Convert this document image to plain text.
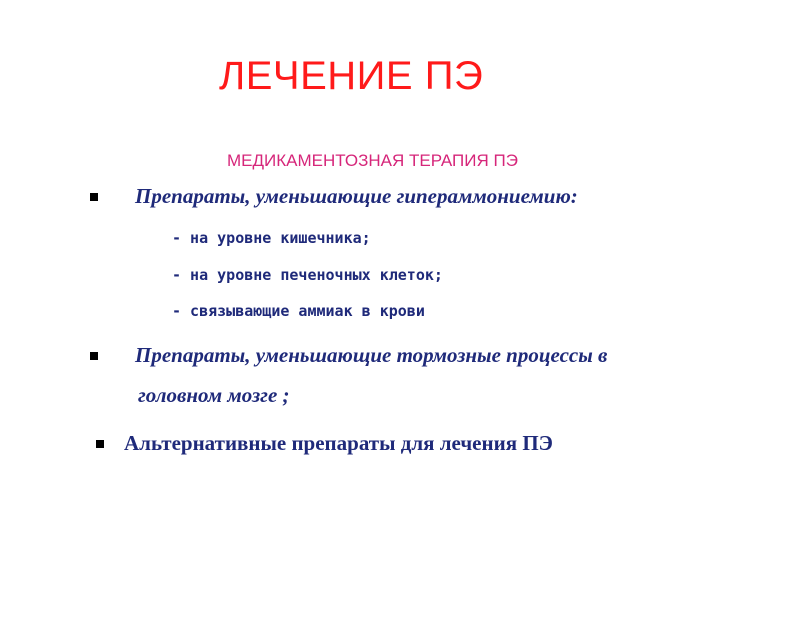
ЛЕЧЕНИЕ ПЭ
МЕДИКАМЕНТОЗНАЯ ТЕРАПИЯ ПЭ
Препараты, уменьшающие гипераммониемию:
- на уровне кишечника;
- на уровне печеночных клеток;
- связывающие аммиак в крови
Препараты, уменьшающие тормозные процессы в
головном мозге ;
Альтернативные препараты для лечения ПЭ
